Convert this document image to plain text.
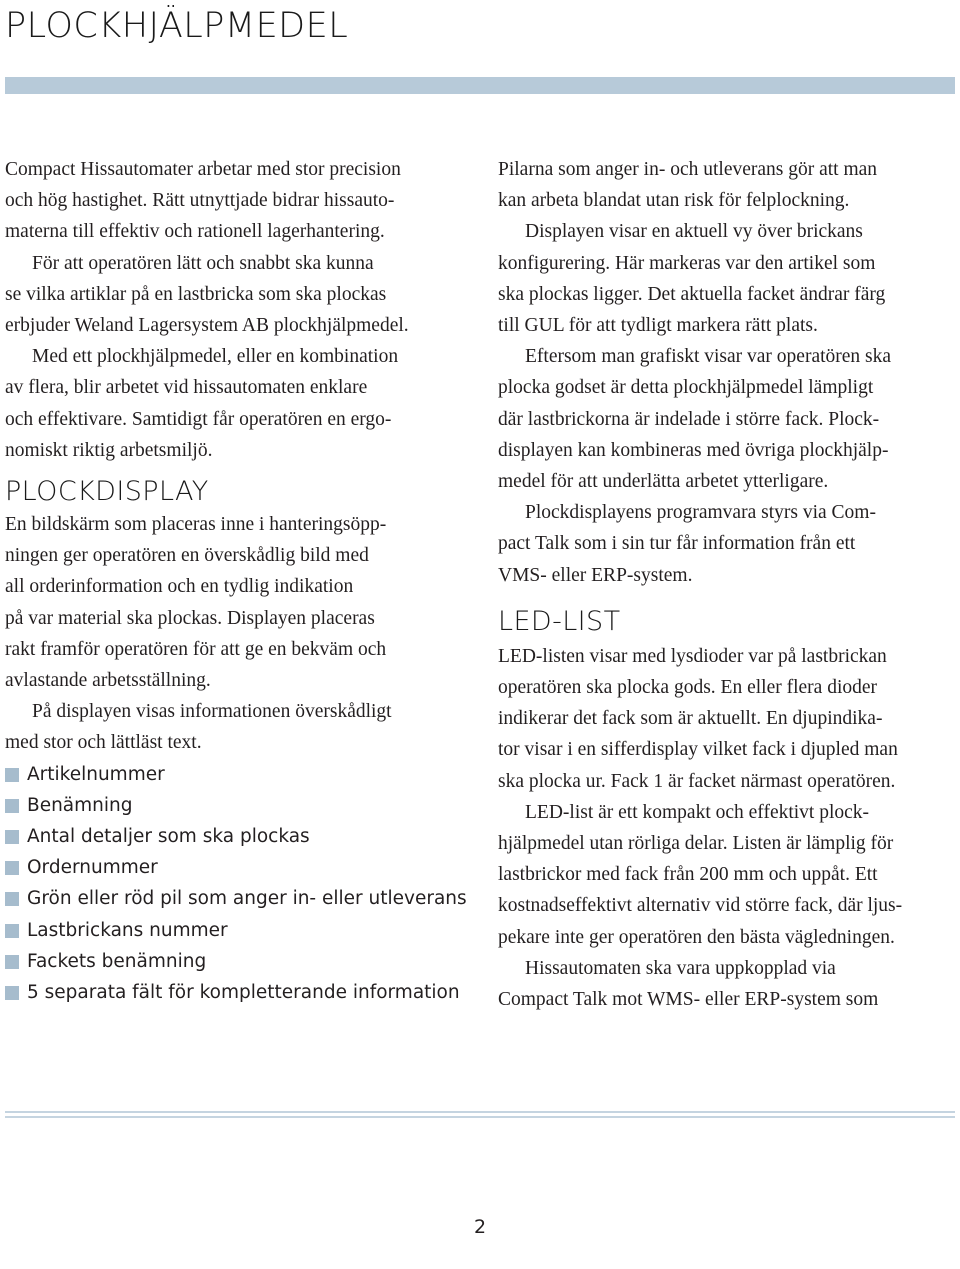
PLOCKHJÄLPMEDEL

Compact Hissautomater arbetar med stor precision
och hög hastighet. Rätt utnyttjade bidrar hissauto-
materna till effektiv och rationell lagerhantering.
För att operatören lätt och snabbt ska kunna
se vilka artiklar på en lastbricka som ska plockas
erbjuder Weland Lagersystem AB plockhjälpmedel.
Med ett plockhjälpmedel, eller en kombination
av flera, blir arbetet vid hissautomaten enklare
och effektivare. Samtidigt får operatören en ergo-
nomiskt riktig arbetsmiljö.

PLOCKDISPLAY

En bildskärm som placeras inne i hanteringsöpp-
ningen ger operatören en överskådlig bild med
all orderinformation och en tydlig indikation
på var material ska plockas. Displayen placeras
rakt framför operatören för att ge en bekväm och
avlastande arbetsställning.
På displayen visas informationen överskådligt
med stor och lättläst text.

Artikelnummer
Benämning
Antal detaljer som ska plockas
Ordernummer
Grön eller röd pil som anger in- eller utleverans
Lastbrickans nummer
Fackets benämning
5 separata fält för kompletterande information

Pilarna som anger in- och utleverans gör att man
kan arbeta blandat utan risk för felplockning.
Displayen visar en aktuell vy över brickans
konfigurering. Här markeras var den artikel som
ska plockas ligger. Det aktuella facket ändrar färg
till GUL för att tydligt markera rätt plats.
Eftersom man grafiskt visar var operatören ska
plocka godset är detta plockhjälpmedel lämpligt
där lastbrickorna är indelade i större fack. Plock-
displayen kan kombineras med övriga plockhjälp-
medel för att underlätta arbetet ytterligare.
Plockdisplayens programvara styrs via Com-
pact Talk som i sin tur får information från ett
VMS- eller ERP-system.

LED-LIST

LED-listen visar med lysdioder var på lastbrickan
operatören ska plocka gods. En eller flera dioder
indikerar det fack som är aktuellt. En djupindika-
tor visar i en sifferdisplay vilket fack i djupled man
ska plocka ur. Fack 1 är facket närmast operatören.
LED-list är ett kompakt och effektivt plock-
hjälpmedel utan rörliga delar. Listen är lämplig för
lastbrickor med fack från 200 mm och uppåt. Ett
kostnadseffektivt alternativ vid större fack, där ljus-
pekare inte ger operatören den bästa vägledningen.
Hissautomaten ska vara uppkopplad via
Compact Talk mot WMS- eller ERP-system som

2
